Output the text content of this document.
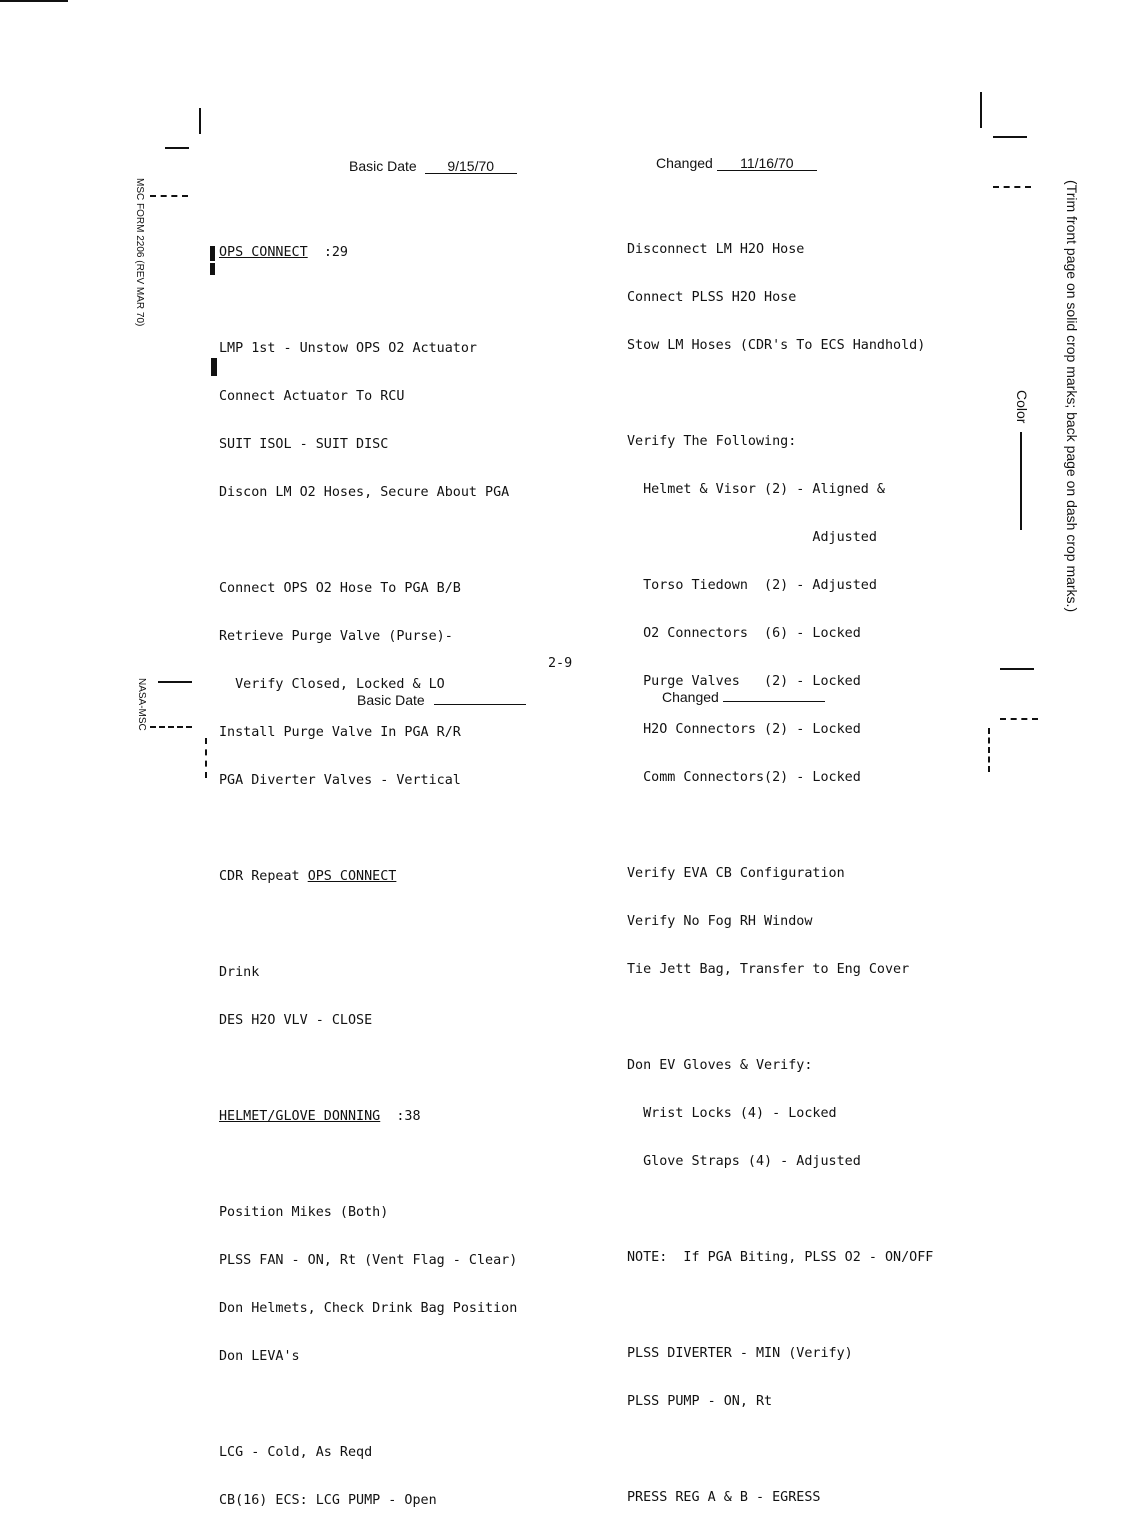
MSC FORM 2206 (REV MAR 70)
NASA-MSC
(Trim front page on solid crop marks; back page on dash crop marks.)
Color
Basic Date	9/15/70	Changed	11/16/70

OPS CONNECT :29

LMP 1st - Unstow OPS O2 Actuator

Connect Actuator To RCU

SUIT ISOL - SUIT DISC

Discon LM O2 Hoses, Secure About PGA

Connect OPS O2 Hose To PGA B/B

Retrieve Purge Valve (Purse)-

Verify Closed, Locked & LO

Install Purge Valve In PGA R/R

PGA Diverter Valves - Vertical

CDR Repeat OPS CONNECT

Drink

DES H2O VLV - CLOSE

HELMET/GLOVE DONNING :38

Position Mikes (Both)

PLSS FAN - ON, Rt (Vent Flag - Clear)

Don Helmets, Check Drink Bag Position

Don LEVA's

LCG - Cold, As Reqd

CB(16) ECS: LCG PUMP - Open

Disconnect LM H2O Hose

Connect PLSS H2O Hose

Stow LM Hoses (CDR's To ECS Handhold)

Verify The Following:

Helmet & Visor (2) - Aligned &

Adjusted

Torso Tiedown  (2) - Adjusted

O2 Connectors  (6) - Locked

Purge Valves   (2) - Locked

H2O Connectors (2) - Locked

Comm Connectors(2) - Locked

Verify EVA CB Configuration

Verify No Fog RH Window

Tie Jett Bag, Transfer to Eng Cover

Don EV Gloves & Verify:

Wrist Locks (4) - Locked

Glove Straps (4) - Adjusted

NOTE:  If PGA Biting, PLSS O2 - ON/OFF

PLSS DIVERTER - MIN (Verify)

PLSS PUMP - ON, Rt

PRESS REG A & B - EGRESS

2-9
Basic Date	Changed
